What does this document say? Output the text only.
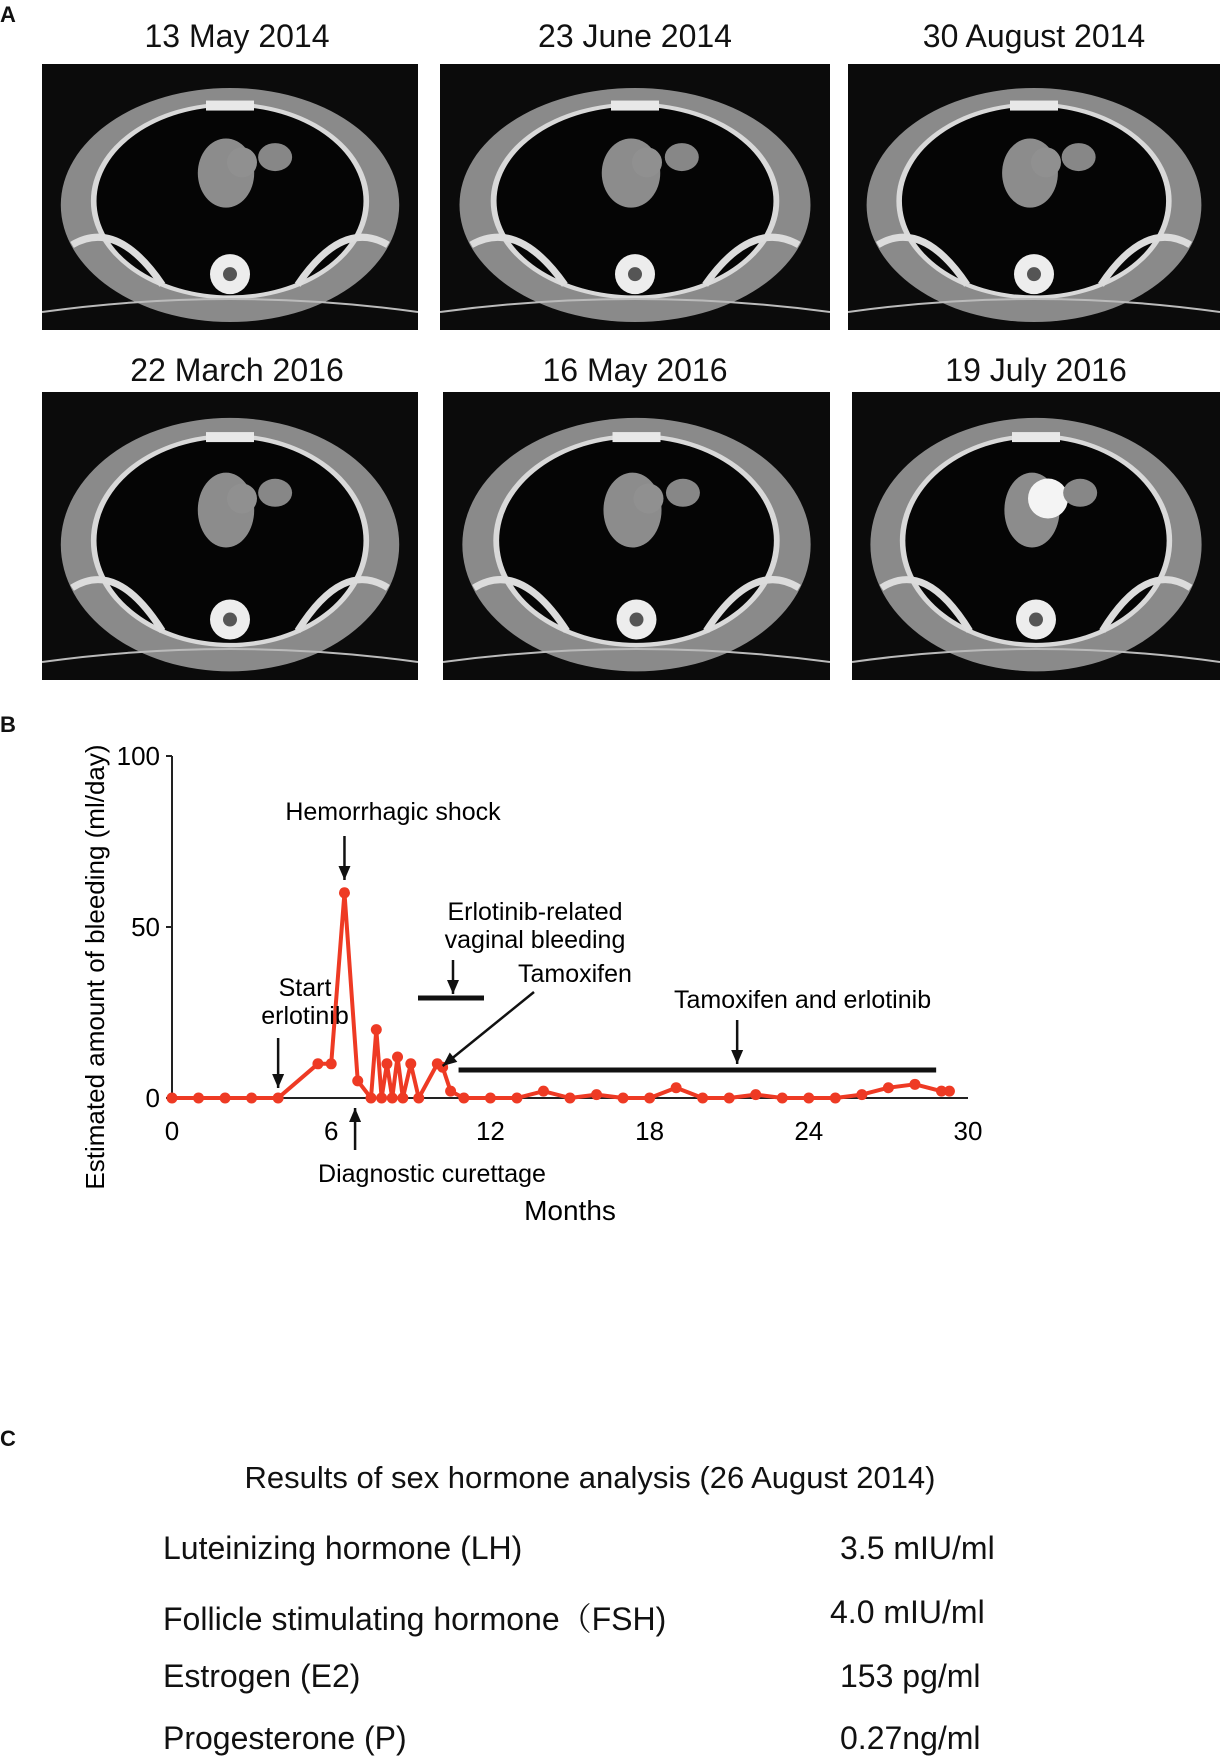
A
B
C
13 May 2014	23 June 2014	30 August 2014
22 March 2016	16 May 2016	19 July 2016
0
50
100
0	6	12	18	24	30
Estimated amount of bleeding (ml/day)
Months
Hemorrhagic shock
Erlotinib-related
vaginal bleeding
Start
erlotinib
Tamoxifen
Tamoxifen and erlotinib
Diagnostic curettage
Results of sex hormone analysis (26 August 2014)
Luteinizing hormone (LH)	3.5 mIU/ml
Follicle stimulating hormone（FSH)	4.0 mIU/ml
Estrogen (E2)	153 pg/ml
Progesterone (P)	0.27ng/ml
